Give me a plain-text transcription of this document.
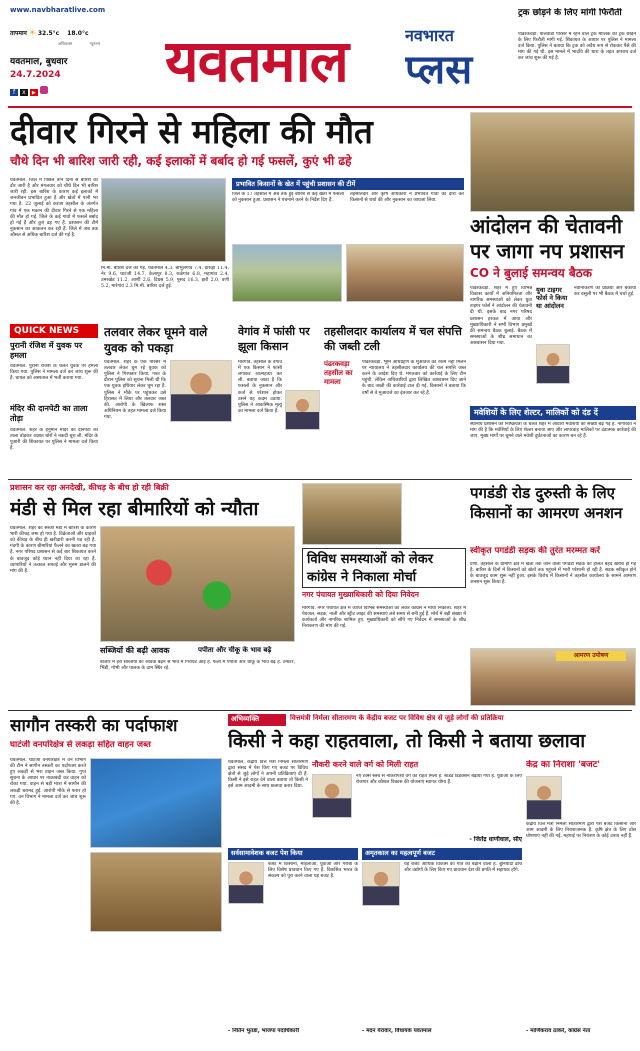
www.navbharatlive.com
तापमान ☀ 32.5°c 18.0°c
अधिकतम	न्यूनतम
यवतमाल, बुधवार
24.7.2024
f x ▶	यवतमाल	नवभारत
प्लस
ट्रक छोड़ने के लिए मांगी फिरौती
पांढरकवड़ा. पोलवाडा परिसर में रहने वाले ट्रक मालिक को ट्रक छोड़ने के लिए फिरौती मांगी गई. शिकायत के आधार पर पुलिस ने मामला दर्ज किया. पुलिस ने बताया कि ट्रक को अवैध रूप से रोककर पैसे की मांग की गई थी. इस मामले में भादंवि की धारा के तहत अपराध दर्ज कर जांच शुरू की गई है.
दीवार गिरने से महिला की मौत
चौथे दिन भी बारिश जारी रही, कई इलाकों में बर्बाद हो गई फसलें, कुएं भी ढहे
यवतमाल. जिले में पिछले तीन दिनों से बारिश का दौर जारी है और मंगलवार को चौथे दिन भी बारिश जारी रही. इस बारिश के कारण कई इलाकों में जनजीवन प्रभावित हुआ है और खेतों में पानी भर गया है. 22 जुलाई को करंजा तहसील के अंतर्गत गांव में एक मकान की दीवार गिरने से एक महिला की मौत हो गई. जिले के कई गांवों में फसलें बर्बाद हो गई हैं और कुएं ढह गए हैं. प्रशासन की टीमें नुकसान का आकलन कर रही हैं. जिले में अब तक औसत से अधिक बारिश दर्ज की गई है.
प्रभावित किसानों के खेत में पहुंची प्रशासन की टीमें
जिले के 17 तहसील में अब तक हुई बारिश से कई खेतों में फसलों को नुकसान हुआ. प्रशासन ने पंचनामे करने के निर्देश दिए हैं.
तहसीलदार और कृषि अधिकारी ने प्रभावित गांवों का दौरा कर किसानों से चर्चा की और नुकसान का जायजा लिया.
मि.मी. बारिश दर्ज की गई. यवतमाल 4.3, बाभुलगांव 7.4, दारव्हा 11.4, नेर 9.6, घाटंजी 14.7, केलापुर 8.3, राळेगांव 6.8, महागांव 2.4, उमरखेड 11.2, आर्णी 2.6, दिग्रस 5.9, पुसद 16.3, झरी 2.0, वणी 5.2, मारेगांव 2.3 मि.मी. बारिश दर्ज हुई.
आंदोलन की चेतावनी पर जागा नप प्रशासन
CO ने बुलाई समन्वय बैठक
पांढरकवड़ा. शहर में हुए विभिन्न विकास कार्यों में अनियमितता और नागरिक समस्याओं को लेकर युवा टाइगर फोर्स ने आंदोलन की चेतावनी दी थी. इसके बाद नगर परिषद प्रशासन हरकत में आया और मुख्याधिकारी ने सभी विभाग प्रमुखों की समन्वय बैठक बुलाई. बैठक में समस्याओं के शीघ्र समाधान का आश्वासन दिया गया.
युवा टाइगर फोर्स ने किया था आंदोलन
नवीनीकरण की प्रक्रिया और बकाया कर वसूली पर भी बैठक में चर्चा हुई.
QUICK NEWS
पुरानी रंजिश में युवक पर हमला
यवतमाल. पुरानी रंजिश के चलते युवक पर हमला किया गया. पुलिस ने मामला दर्ज कर जांच शुरू की है. घायल को अस्पताल में भर्ती कराया गया.
मंदिर की दानपेटी का ताला तोड़ा
यवतमाल. शहर के हनुमान मंदिर की दानपेटी का ताला तोड़कर अज्ञात चोरों ने नकदी चुरा ली. मंदिर के पुजारी की शिकायत पर पुलिस ने मामला दर्ज किया है.
तलवार लेकर घूमने वाले युवक को पकड़ा
यवतमाल. शहर के एक परिसर में तलवार लेकर घूम रहे युवक को पुलिस ने गिरफ्तार किया. गश्त के दौरान पुलिस को सूचना मिली थी कि एक युवक हथियार लेकर घूम रहा है. पुलिस ने मौके पर पहुंचकर उसे हिरासत में लिया और तलवार जब्त की. आरोपी के खिलाफ शस्त्र अधिनियम के तहत मामला दर्ज किया गया.
वेगांव में फांसी पर झूला किसान
मारेगांव. तहसील के वेगांव में एक किसान ने फांसी लगाकर आत्महत्या कर ली. बताया जाता है कि फसलों के नुकसान और कर्ज से परेशान होकर उसने यह कदम उठाया. पुलिस ने आकस्मिक मृत्यु का मामला दर्ज किया है.
तहसीलदार कार्यालय में चल संपत्ति की जब्ती टली
पंढरकवड़ा तहसील का मामला
पांढरकवड़ा. भूमि अधिग्रहण के मुआवजे की रकम नहीं मिलने पर न्यायालय ने तहसीलदार कार्यालय की चल संपत्ति जब्त करने के आदेश दिए थे. मंगलवार को कार्रवाई के लिए टीम पहुंची, लेकिन अधिकारियों द्वारा लिखित आश्वासन दिए जाने के बाद जब्ती की कार्रवाई टाल दी गई. किसानों ने बताया कि वर्षों से वे मुआवजे का इंतजार कर रहे हैं.
मवेशियों के लिए शेल्टर, मालिकों को दंड दें
स्थानीय प्रशासन की निष्क्रियता के चलते शहर में आवारा मवेशियों की संख्या बढ़ गई है. नागरिकों ने मांग की है कि मवेशियों के लिए शेल्टर बनाया जाए और लापरवाह मालिकों पर दंडात्मक कार्रवाई की जाए. मुख्य मार्गों पर घूमने वाले मवेशी दुर्घटनाओं का कारण बन रहे हैं.
प्रशासन कर रहा अनदेखी, कीचड़ के बीच हो रही बिक्री
मंडी से मिल रहा बीमारियों को न्यौता
यवतमाल. शहर की सब्जी मंडी में बारिश के कारण भारी कीचड़ जमा हो गया है. विक्रेताओं और ग्राहकों को कीचड़ के बीच ही खरीदारी करनी पड़ रही है. गंदगी के कारण बीमारियां फैलने का खतरा बढ़ गया है. नगर परिषद प्रशासन से कई बार शिकायत करने के बावजूद कोई ध्यान नहीं दिया जा रहा है. व्यापारियों ने तत्काल सफाई और मुरुम डालने की मांग की है.
सब्जियों की बढ़ी आवक	पपीता और चीकू के भाव बढ़े
बाजार में हरी सब्जियों की आवक बढ़ने से भाव में गिरावट आई है. फलों में पपीता और चीकू के भाव बढ़े हैं. टमाटर, भिंडी, गोभी और पालक के दाम स्थिर रहे.
विविध समस्याओं को लेकर कांग्रेस ने निकाला मोर्चा
नगर पंचायत मुख्याधिकारी को दिया निवेदन
मारेगांव. नगर पंचायत क्षेत्र में व्याप्त विभिन्न समस्याओं को लेकर कांग्रेस ने मोर्चा निकाला. शहर में पेयजल, सड़क, नाली और स्ट्रीट लाइट की समस्याएं लंबे समय से बनी हुई हैं. मोर्चे में बड़ी संख्या में कार्यकर्ता और नागरिक शामिल हुए. मुख्याधिकारी को सौंपे गए निवेदन में समस्याओं के शीघ्र निराकरण की मांग की गई.
पगडंडी रोड दुरुस्ती के लिए किसानों का आमरण अनशन
स्वीकृत पगडंडी सड़क की तुरंत मरम्मत करें
वणी. तहसील के ग्रामीण क्षेत्र में खेतों तक जाने वाली पगडंडी सड़क की हालत बेहद खराब हो गई है. बारिश के दिनों में किसानों को खेतों तक पहुंचने में भारी परेशानी हो रही है. सड़क स्वीकृत होने के बावजूद काम शुरू नहीं हुआ. इसके विरोध में किसानों ने तहसील कार्यालय के सामने आमरण अनशन शुरू किया है.
आमरण उपोषण
सागौन तस्करी का पर्दाफाश
घाटंजी वनपरिक्षेत्र से लकड़ा सहित वाहन जब्त
यवतमाल. घाटंजी वनपरिक्षेत्र में वन विभाग की टीम ने सागौन तस्करी का पर्दाफाश करते हुए लकड़ी से भरा वाहन जब्त किया. गुप्त सूचना के आधार पर नाकाबंदी कर वाहन को रोका गया. वाहन से बड़ी मात्रा में सागौन की लकड़ी बरामद हुई. आरोपी मौके से फरार हो गए. वन विभाग ने मामला दर्ज कर जांच शुरू की है.
अभिव्यक्ति	वित्तमंत्री निर्मला सीतारमण के केंद्रीय बजट पर विविध क्षेत्र से जुड़े लोगों की प्रतिक्रिया
किसी ने कहा राहतवाला, तो किसी ने बताया छलावा
यवतमाल. केंद्रीय वित्त मंत्री निर्मला सीतारमण द्वारा संसद में पेश किए गए बजट पर विविध क्षेत्रों से जुड़े लोगों ने अपनी प्रतिक्रियाएं दी हैं. किसी ने इसे राहत देने वाला बताया तो किसी ने इसे आम आदमी के साथ छलावा करार दिया.
नौकरी करने वाले वर्ग को मिली राहत
नए टैक्स स्लैब से नौकरीपेशा वर्ग को राहत मिली है. स्टैंडर्ड डिडक्शन बढ़ाया गया है. युवाओं के लिए रोजगार और कौशल विकास की योजनाएं स्वागत योग्य हैं.
- जितेंद्र धाणीवाल, सीए
सर्वसामावेशक बजट पेश किया
बजट में किसानों, महिलाओं, युवाओं और गरीबों के लिए विशेष प्रावधान किए गए हैं. विकसित भारत के संकल्प को पूरा करने वाला यह बजट है.
- नितिन भुतडा, भाजपा पदाधिकारी
अमृतकाल का महत्वपूर्ण बजट
यह बजट आर्थिक विकास की गति को बढ़ाने वाला है. बुनियादी ढांचे और उद्योगों के लिए किए गए प्रावधान देश की प्रगति में सहायक होंगे.
- मदन येरावार, विधायक यवतमाल
केंद्र का निराशा 'बजट'
केंद्रीय वित्त मंत्री निर्मला सीतारमण द्वारा पेश बजट किसानों और आम आदमी के लिए निराशाजनक है. कृषि क्षेत्र के लिए ठोस घोषणाएं नहीं की गईं. महंगाई पर नियंत्रण के कोई उपाय नहीं हैं.
- माणिकराव ठाकरे, कांग्रेस नेता
